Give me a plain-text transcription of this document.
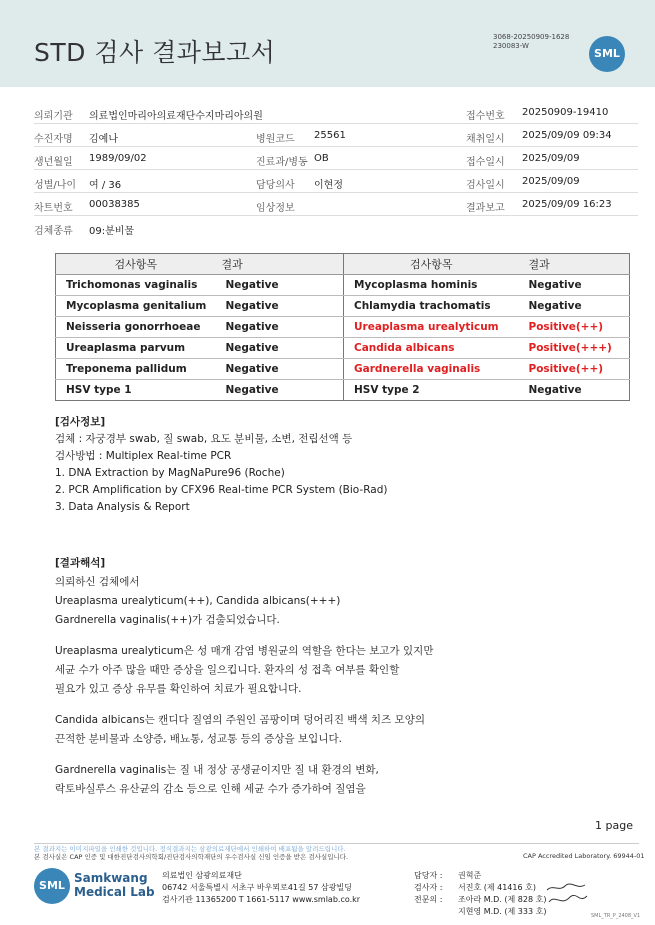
STD 검사 결과보고서
3068-20250909-1628
230083-W
SML
의뢰기관 의료법인마리아의료재단수지마리아의원	접수번호 20250909-19410
수진자명 김예나	병원코드 25561	채취일시 2025/09/09 09:34
생년월일 1989/09/02	진료과/병동 OB	접수일시 2025/09/09
성별/나이 여 / 36	담당의사 이현정	검사일시 2025/09/09
차트번호 00038385	임상정보	결과보고 2025/09/09 16:23
검체종류 09:분비물
검사항목	결과	검사항목	결과
Trichomonas vaginalis	Negative	Mycoplasma hominis	Negative
Mycoplasma genitalium	Negative	Chlamydia trachomatis	Negative
Neisseria gonorrhoeae	Negative	Ureaplasma urealyticum	Positive(++)
Ureaplasma parvum	Negative	Candida albicans	Positive(+++)
Treponema pallidum	Negative	Gardnerella vaginalis	Positive(++)
HSV type 1	Negative	HSV type 2	Negative
[검사정보]
검체 : 자궁경부 swab, 질 swab, 요도 분비물, 소변, 전립선액 등
검사방법 : Multiplex Real-time PCR
1. DNA Extraction by MagNaPure96 (Roche)
2. PCR Amplification by CFX96 Real-time PCR System (Bio-Rad)
3. Data Analysis & Report
[결과해석]
의뢰하신 검체에서

Ureaplasma urealyticum(++), Candida albicans(+++)
Gardnerella vaginalis(++)가 검출되었습니다.

Ureaplasma urealyticum은 성 매개 감염 병원균의 역할을 한다는 보고가 있지만
세균 수가 아주 많을 때만 증상을 일으킵니다. 환자의 성 접촉 여부를 확인할
필요가 있고 증상 유무를 확인하여 치료가 필요합니다.

Candida albicans는 캔디다 질염의 주원인 곰팡이며 덩어리진 백색 치즈 모양의
끈적한 분비물과 소양증, 배뇨통, 성교통 등의 증상을 보입니다.

Gardnerella vaginalis는 질 내 정상 공생균이지만 질 내 환경의 변화,
락토바실루스 유산균의 감소 등으로 인해 세균 수가 증가하여 질염을

1 page
본 결과지는 이미지파일을 인쇄한 것입니다. 정식결과지는 삼광의료재단에서 인쇄하여 배포됨을 알려드립니다.
본 검사실은 CAP 인증 및 대한진단검사의학회/진단검사의학재단의 우수검사실 신임 인증을 받은 검사실입니다.	CAP Accredited Laboratory. 69944-01
SML
Samkwang
Medical Lab
의료법인 삼광의료재단
06742 서울특별시 서초구 바우뫼로41길 57 삼광빌딩
검사기관 11365200 T 1661-5117 www.smlab.co.kr
담당자 : 권혁준
검사자 : 서진호 (제 41416 호)
전문의 : 조아라 M.D. (제 828 호)
지현영 M.D. (제 333 호)	SML_TR_P_2408_V1
